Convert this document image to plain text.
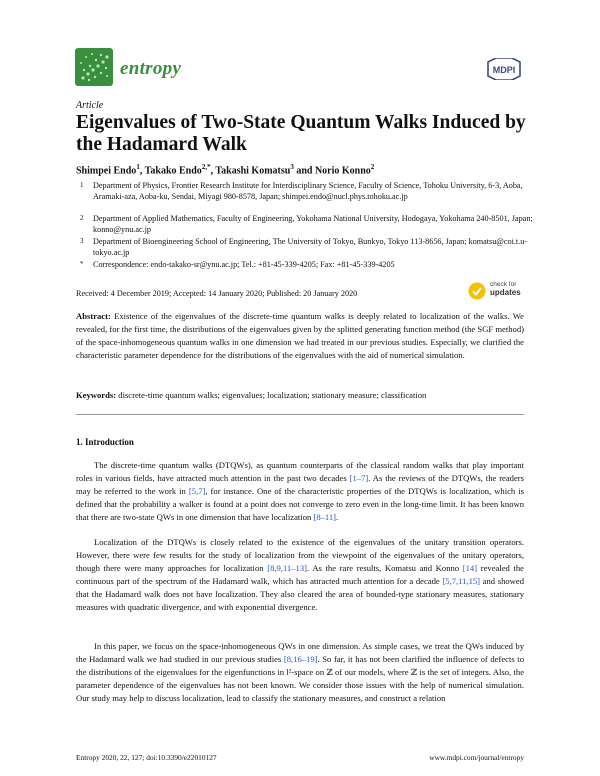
entropy	MDPI
Article
Eigenvalues of Two-State Quantum Walks Induced by the Hadamard Walk
Shimpei Endo$^1$, Takako Endo$^{2,*}$, Takashi Komatsu$^3$ and Norio Konno$^2$
1 Department of Physics, Frontier Research Institute for Interdisciplinary Science, Faculty of Science, Tohoku University, 6-3, Aoba, Aramaki-aza, Aoba-ku, Sendai, Miyagi 980-8578, Japan; shimpei.endo@nucl.phys.tohoku.ac.jp
2 Department of Applied Mathematics, Faculty of Engineering, Yokohama National University, Hodogaya, Yokohama 240-8501, Japan; konno@ynu.ac.jp
3 Department of Bioengineering School of Engineering, The University of Tokyo, Bunkyo, Tokyo 113-8656, Japan; komatsu@coi.t.u-tokyo.ac.jp
* Correspondence: endo-takako-sr@ynu.ac.jp; Tel.: +81-45-339-4205; Fax: +81-45-339-4205
Received: 4 December 2019; Accepted: 14 January 2020; Published: 20 January 2020
check for
updates
Abstract: Existence of the eigenvalues of the discrete-time quantum walks is deeply related to localization of the walks. We revealed, for the first time, the distributions of the eigenvalues given by the splitted generating function method (the SGF method) of the space-inhomogeneous quantum walks in one dimension we had treated in our previous studies. Especially, we clarified the characteristic parameter dependence for the distributions of the eigenvalues with the aid of numerical simulation.
Keywords: discrete-time quantum walks; eigenvalues; localization; stationary measure; classification
1. Introduction
The discrete-time quantum walks (DTQWs), as quantum counterparts of the classical random walks that play important roles in various fields, have attracted much attention in the past two decades [1–7]. As the reviews of the DTQWs, the readers may be referred to the work in [5,7], for instance. One of the characteristic properties of the DTQWs is localization, which is defined that the probability a walker is found at a point does not converge to zero even in the long-time limit. It has been known that there are two-state QWs in one dimension that have localization [8–11].
Localization of the DTQWs is closely related to the existence of the eigenvalues of the unitary transition operators. However, there were few results for the study of localization from the viewpoint of the eigenvalues of the unitary operators, though there were many approaches for localization [8,9,11–13]. As the rare results, Komatsu and Konno [14] revealed the continuous part of the spectrum of the Hadamard walk, which has attracted much attention for a decade [5,7,11,15] and showed that the Hadamard walk does not have localization. They also cleared the area of bounded-type stationary measures, stationary measures with quadratic divergence, and with exponential divergence.
In this paper, we focus on the space-inhomogeneous QWs in one dimension. As simple cases, we treat the QWs induced by the Hadamard walk we had studied in our previous studies [8,16–19]. So far, it has not been clarified the influence of defects to the distributions of the eigenvalues for the eigenfunctions in l²-space on ℤ of our models, where ℤ is the set of integers. Also, the parameter dependence of the eigenvalues has not been known. We consider those issues with the help of numerical simulation. Our study may help to discuss localization, lead to classify the stationary measures, and construct a relation
Entropy 2020, 22, 127; doi:10.3390/e22010127	www.mdpi.com/journal/entropy
